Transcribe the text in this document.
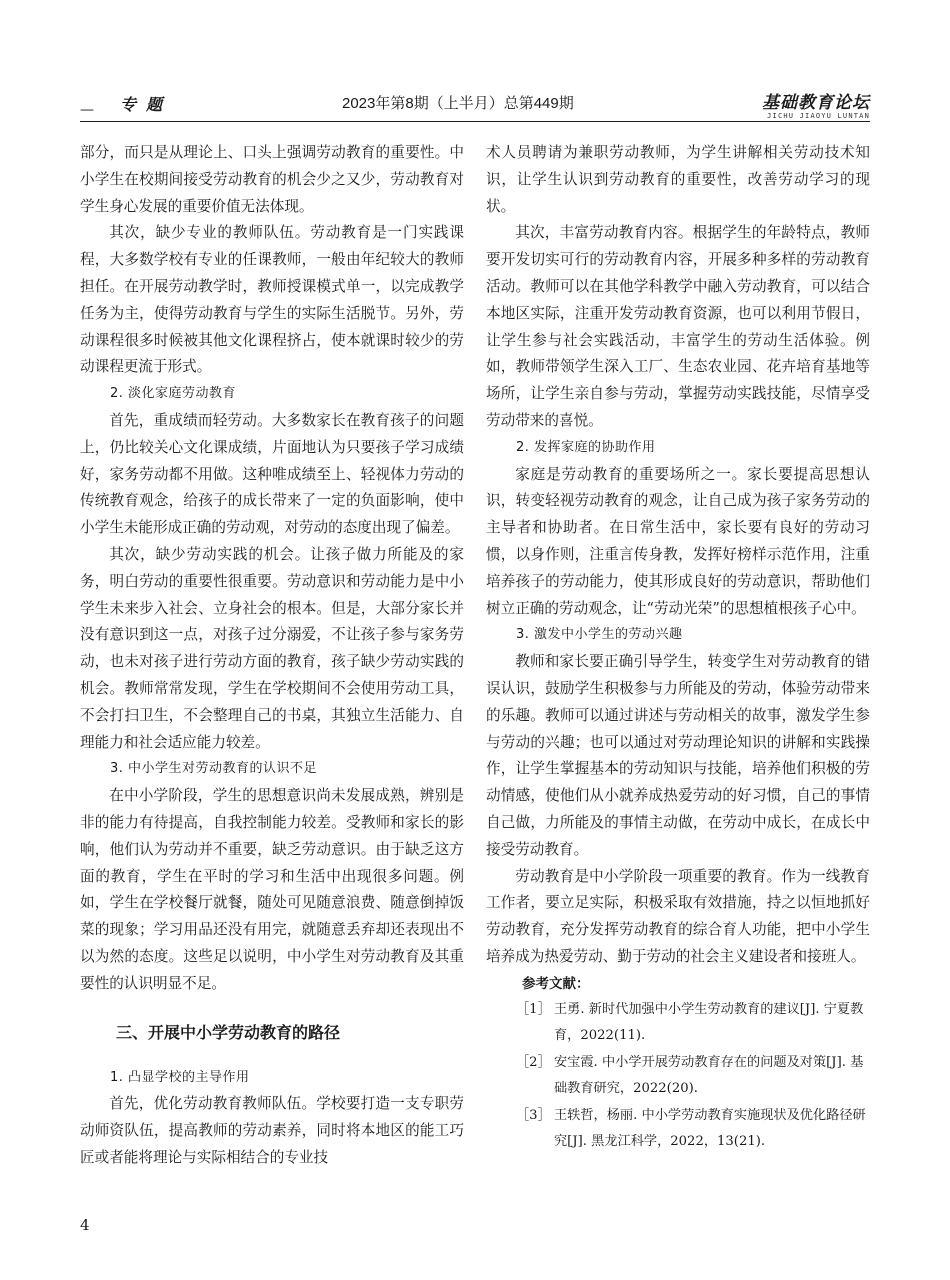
— 专题	2023年第8期（上半月）总第449期	基础教育论坛
JICHU JIAOYU LUNTAN

部分，而只是从理论上、口头上强调劳动教育的重要性。中小学生在校期间接受劳动教育的机会少之又少，劳动教育对学生身心发展的重要价值无法体现。

其次，缺少专业的教师队伍。劳动教育是一门实践课程，大多数学校有专业的任课教师，一般由年纪较大的教师担任。在开展劳动教学时，教师授课模式单一，以完成教学任务为主，使得劳动教育与学生的实际生活脱节。另外，劳动课程很多时候被其他文化课程挤占，使本就课时较少的劳动课程更流于形式。

2. 淡化家庭劳动教育

首先，重成绩而轻劳动。大多数家长在教育孩子的问题上，仍比较关心文化课成绩，片面地认为只要孩子学习成绩好，家务劳动都不用做。这种唯成绩至上、轻视体力劳动的传统教育观念，给孩子的成长带来了一定的负面影响，使中小学生未能形成正确的劳动观，对劳动的态度出现了偏差。

其次，缺少劳动实践的机会。让孩子做力所能及的家务，明白劳动的重要性很重要。劳动意识和劳动能力是中小学生未来步入社会、立身社会的根本。但是，大部分家长并没有意识到这一点，对孩子过分溺爱，不让孩子参与家务劳动，也未对孩子进行劳动方面的教育，孩子缺少劳动实践的机会。教师常常发现，学生在学校期间不会使用劳动工具，不会打扫卫生，不会整理自己的书桌，其独立生活能力、自理能力和社会适应能力较差。

3. 中小学生对劳动教育的认识不足

在中小学阶段，学生的思想意识尚未发展成熟，辨别是非的能力有待提高，自我控制能力较差。受教师和家长的影响，他们认为劳动并不重要，缺乏劳动意识。由于缺乏这方面的教育，学生在平时的学习和生活中出现很多问题。例如，学生在学校餐厅就餐，随处可见随意浪费、随意倒掉饭菜的现象；学习用品还没有用完，就随意丢弃却还表现出不以为然的态度。这些足以说明，中小学生对劳动教育及其重要性的认识明显不足。

三、开展中小学劳动教育的路径
1. 凸显学校的主导作用

首先，优化劳动教育教师队伍。学校要打造一支专职劳动师资队伍，提高教师的劳动素养，同时将本地区的能工巧匠或者能将理论与实际相结合的专业技

术人员聘请为兼职劳动教师，为学生讲解相关劳动技术知识，让学生认识到劳动教育的重要性，改善劳动学习的现状。

其次，丰富劳动教育内容。根据学生的年龄特点，教师要开发切实可行的劳动教育内容，开展多种多样的劳动教育活动。教师可以在其他学科教学中融入劳动教育，可以结合本地区实际，注重开发劳动教育资源，也可以利用节假日，让学生参与社会实践活动，丰富学生的劳动生活体验。例如，教师带领学生深入工厂、生态农业园、花卉培育基地等场所，让学生亲自参与劳动，掌握劳动实践技能，尽情享受劳动带来的喜悦。

2. 发挥家庭的协助作用

家庭是劳动教育的重要场所之一。家长要提高思想认识，转变轻视劳动教育的观念，让自己成为孩子家务劳动的主导者和协助者。在日常生活中，家长要有良好的劳动习惯，以身作则，注重言传身教，发挥好榜样示范作用，注重培养孩子的劳动能力，使其形成良好的劳动意识，帮助他们树立正确的劳动观念，让“劳动光荣”的思想植根孩子心中。

3. 激发中小学生的劳动兴趣

教师和家长要正确引导学生，转变学生对劳动教育的错误认识，鼓励学生积极参与力所能及的劳动，体验劳动带来的乐趣。教师可以通过讲述与劳动相关的故事，激发学生参与劳动的兴趣；也可以通过对劳动理论知识的讲解和实践操作，让学生掌握基本的劳动知识与技能，培养他们积极的劳动情感，使他们从小就养成热爱劳动的好习惯，自己的事情自己做，力所能及的事情主动做，在劳动中成长，在成长中接受劳动教育。

劳动教育是中小学阶段一项重要的教育。作为一线教育工作者，要立足实际，积极采取有效措施，持之以恒地抓好劳动教育，充分发挥劳动教育的综合育人功能，把中小学生培养成为热爱劳动、勤于劳动的社会主义建设者和接班人。

参考文献：
［1］ 王勇. 新时代加强中小学生劳动教育的建议[J]. 宁夏教育，2022(11).
［2］ 安宝霞. 中小学开展劳动教育存在的问题及对策[J]. 基础教育研究，2022(20).
［3］ 王轶哲，杨丽. 中小学劳动教育实施现状及优化路径研究[J]. 黑龙江科学，2022，13(21).
4
